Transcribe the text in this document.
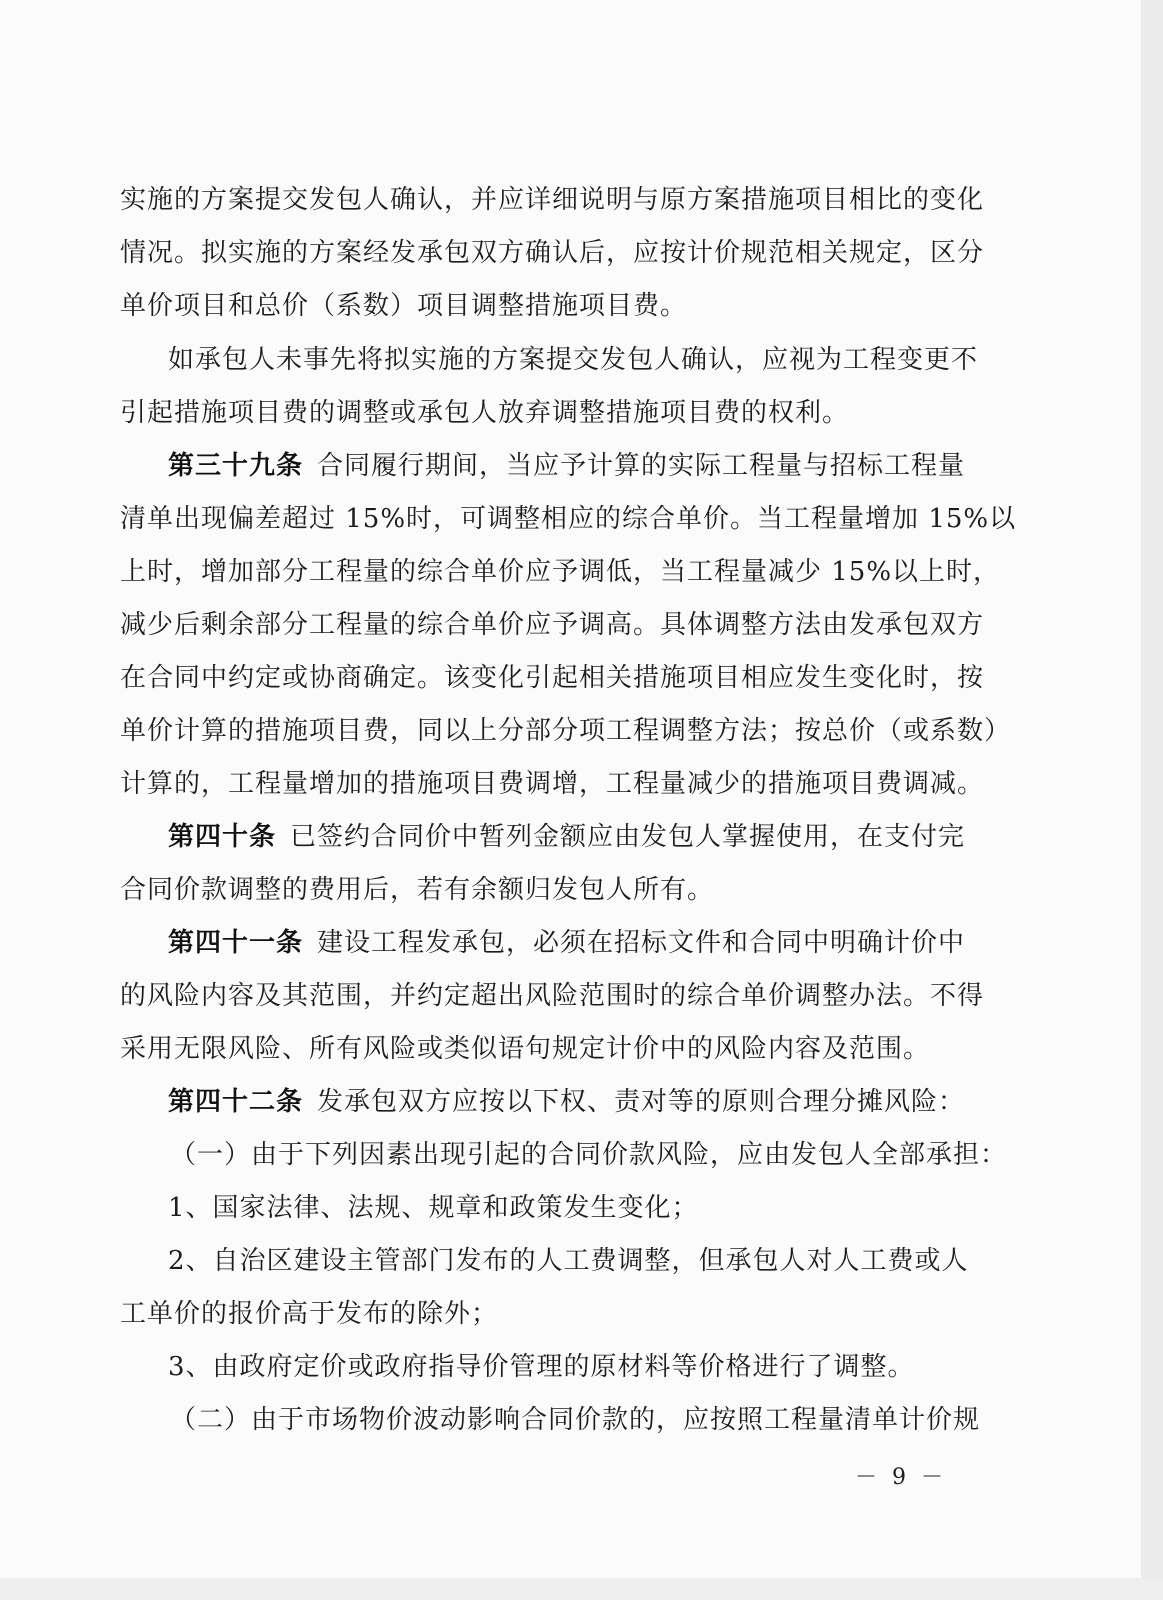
实施的方案提交发包人确认，并应详细说明与原方案措施项目相比的变化
情况。拟实施的方案经发承包双方确认后，应按计价规范相关规定，区分
单价项目和总价（系数）项目调整措施项目费。
如承包人未事先将拟实施的方案提交发包人确认，应视为工程变更不
引起措施项目费的调整或承包人放弃调整措施项目费的权利。
第三十九条 合同履行期间，当应予计算的实际工程量与招标工程量
清单出现偏差超过 15%时，可调整相应的综合单价。当工程量增加 15%以
上时，增加部分工程量的综合单价应予调低，当工程量减少 15%以上时，
减少后剩余部分工程量的综合单价应予调高。具体调整方法由发承包双方
在合同中约定或协商确定。该变化引起相关措施项目相应发生变化时，按
单价计算的措施项目费，同以上分部分项工程调整方法；按总价（或系数）
计算的，工程量增加的措施项目费调增，工程量减少的措施项目费调减。
第四十条 已签约合同价中暂列金额应由发包人掌握使用，在支付完
合同价款调整的费用后，若有余额归发包人所有。
第四十一条 建设工程发承包，必须在招标文件和合同中明确计价中
的风险内容及其范围，并约定超出风险范围时的综合单价调整办法。不得
采用无限风险、所有风险或类似语句规定计价中的风险内容及范围。
第四十二条 发承包双方应按以下权、责对等的原则合理分摊风险：
（一）由于下列因素出现引起的合同价款风险，应由发包人全部承担：
1、国家法律、法规、规章和政策发生变化；
2、自治区建设主管部门发布的人工费调整，但承包人对人工费或人
工单价的报价高于发布的除外；
3、由政府定价或政府指导价管理的原材料等价格进行了调整。
（二）由于市场物价波动影响合同价款的，应按照工程量清单计价规
－ 9 －
